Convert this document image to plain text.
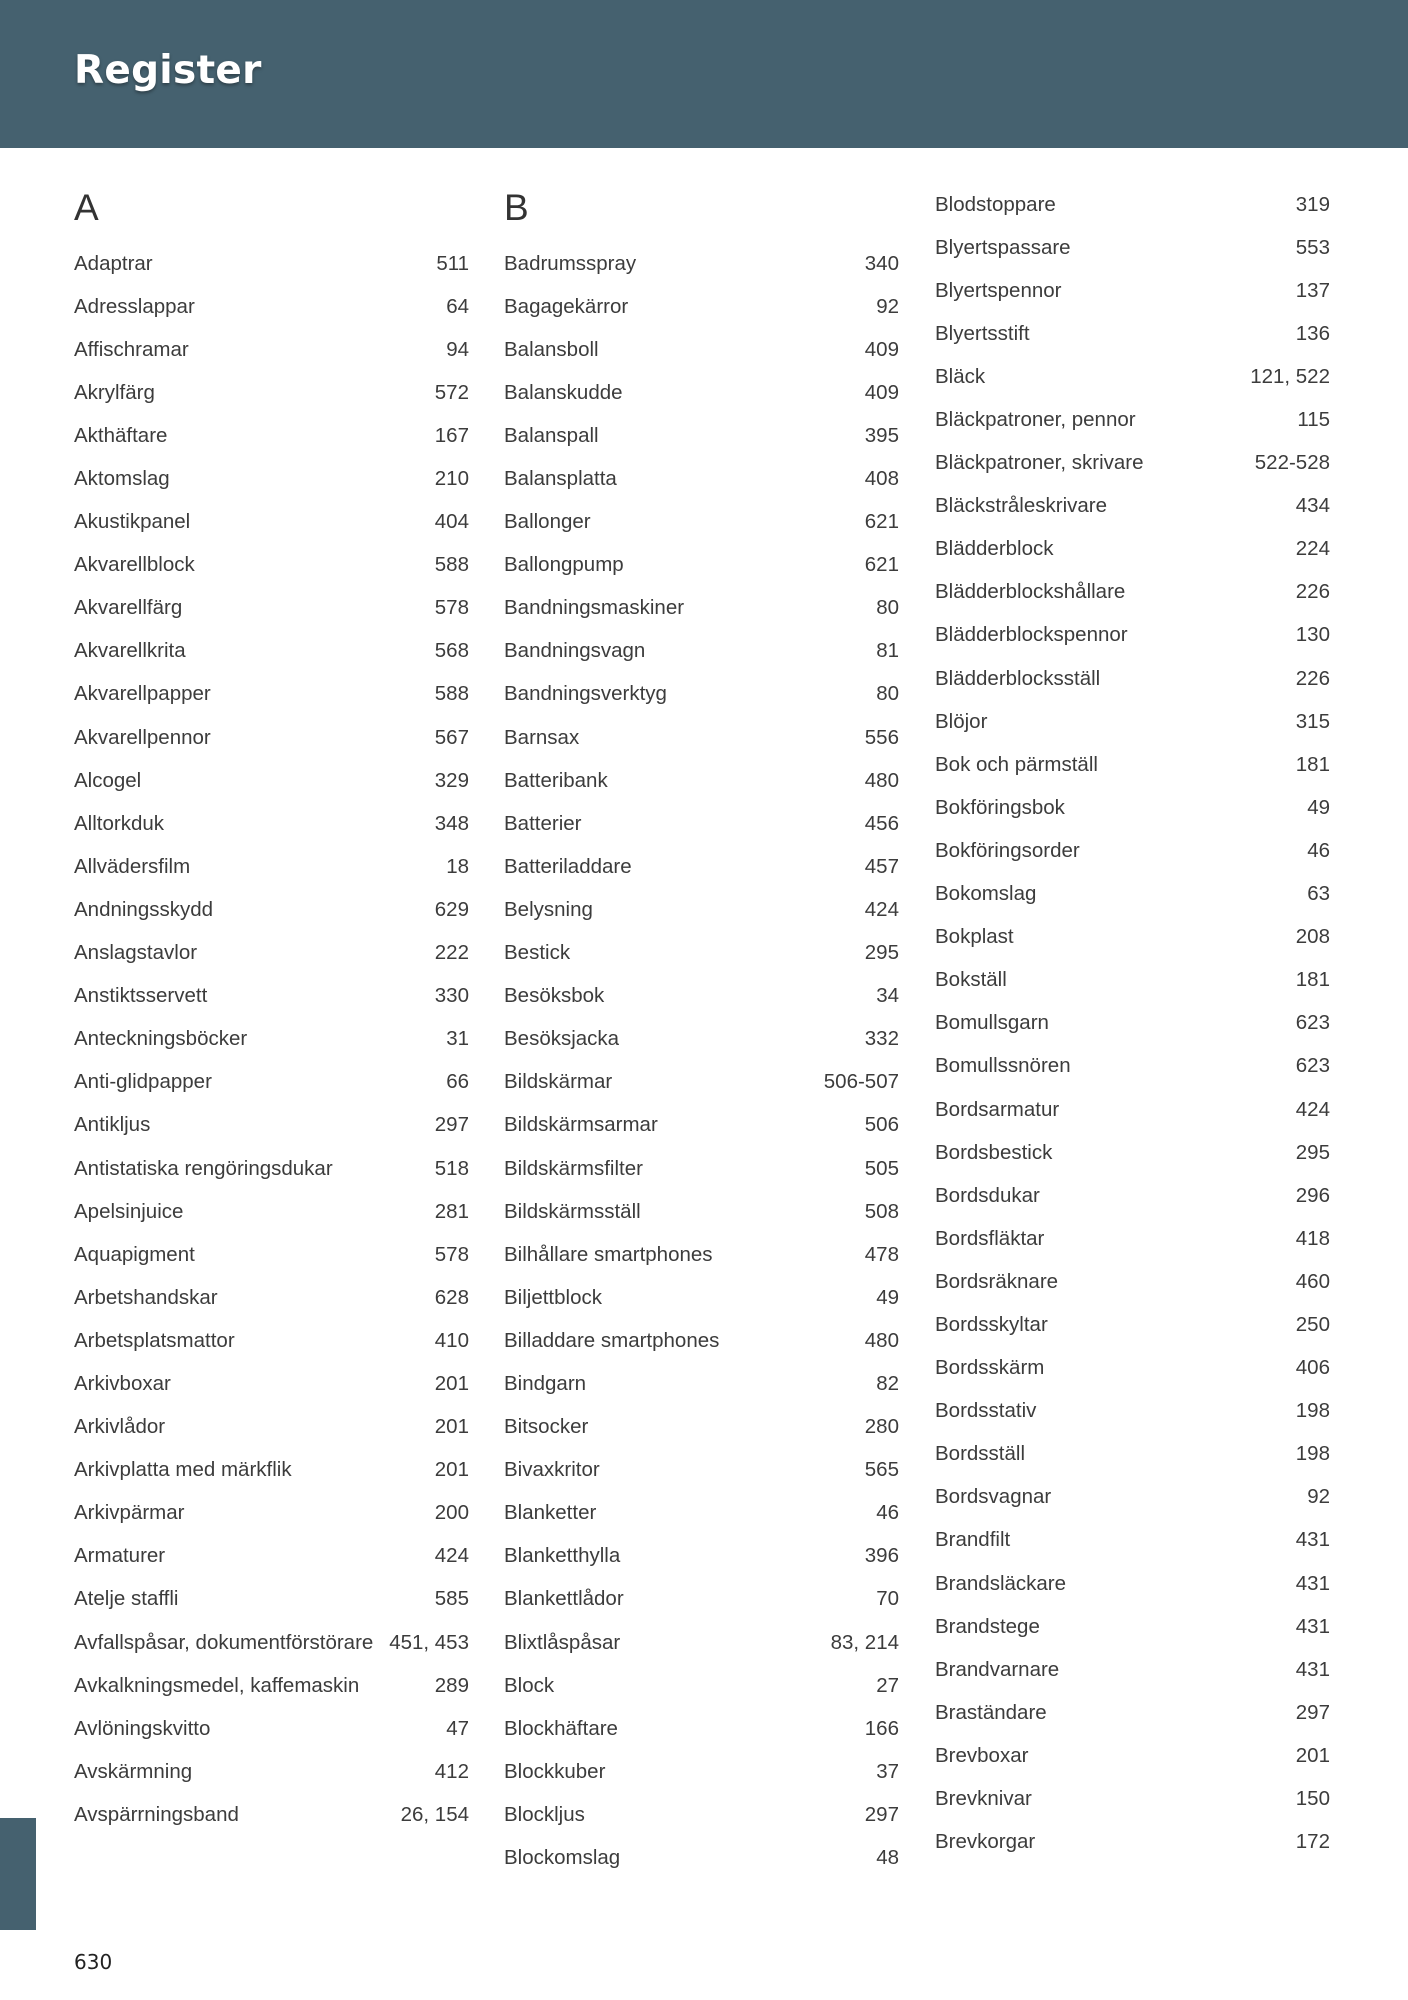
Register
A
Adaptrar	511
Adresslappar	64
Affischramar	94
Akrylfärg	572
Akthäftare	167
Aktomslag	210
Akustikpanel	404
Akvarellblock	588
Akvarellfärg	578
Akvarellkrita	568
Akvarellpapper	588
Akvarellpennor	567
Alcogel	329
Alltorkduk	348
Allvädersfilm	18
Andningsskydd	629
Anslagstavlor	222
Anstiktsservett	330
Anteckningsböcker	31
Anti-glidpapper	66
Antikljus	297
Antistatiska rengöringsdukar	518
Apelsinjuice	281
Aquapigment	578
Arbetshandskar	628
Arbetsplatsmattor	410
Arkivboxar	201
Arkivlådor	201
Arkivplatta med märkflik	201
Arkivpärmar	200
Armaturer	424
Atelje staffli	585
Avfallspåsar, dokumentförstörare 451, 453
Avkalkningsmedel, kaffemaskin	289
Avlöningskvitto	47
Avskärmning	412
Avspärrningsband	26, 154
B
Badrumsspray	340
Bagagekärror	92
Balansboll	409
Balanskudde	409
Balanspall	395
Balansplatta	408
Ballonger	621
Ballongpump	621
Bandningsmaskiner	80
Bandningsvagn	81
Bandningsverktyg	80
Barnsax	556
Batteribank	480
Batterier	456
Batteriladdare	457
Belysning	424
Bestick	295
Besöksbok	34
Besöksjacka	332
Bildskärmar	506-507
Bildskärmsarmar	506
Bildskärmsfilter	505
Bildskärmsställ	508
Bilhållare smartphones	478
Biljettblock	49
Billaddare smartphones	480
Bindgarn	82
Bitsocker	280
Bivaxkritor	565
Blanketter	46
Blanketthylla	396
Blankettlådor	70
Blixtlåspåsar	83, 214
Block	27
Blockhäftare	166
Blockkuber	37
Blockljus	297
Blockomslag	48
Blodstoppare	319
Blyertspassare	553
Blyertspennor	137
Blyertsstift	136
Bläck	121, 522
Bläckpatroner, pennor	115
Bläckpatroner, skrivare	522-528
Bläckstråleskrivare	434
Blädderblock	224
Blädderblockshållare	226
Blädderblockspennor	130
Blädderblocksställ	226
Blöjor	315
Bok och pärmställ	181
Bokföringsbok	49
Bokföringsorder	46
Bokomslag	63
Bokplast	208
Bokställ	181
Bomullsgarn	623
Bomullssnören	623
Bordsarmatur	424
Bordsbestick	295
Bordsdukar	296
Bordsfläktar	418
Bordsräknare	460
Bordsskyltar	250
Bordsskärm	406
Bordsstativ	198
Bordsställ	198
Bordsvagnar	92
Brandfilt	431
Brandsläckare	431
Brandstege	431
Brandvarnare	431
Braständare	297
Brevboxar	201
Brevknivar	150
Brevkorgar	172
630
